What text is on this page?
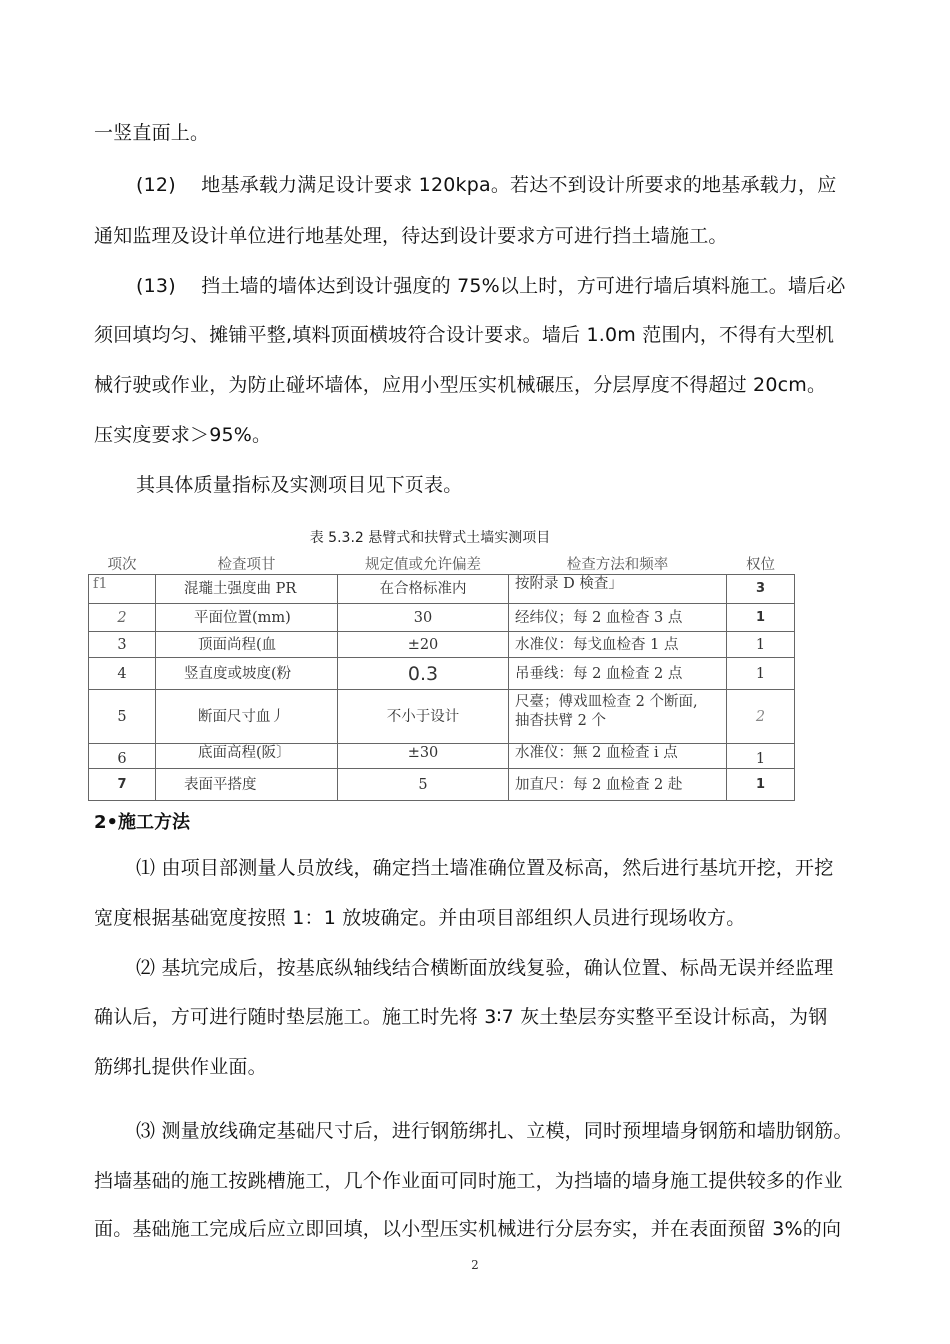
一竖直面上。
(12)　 地基承载力满足设计要求 120kpa。若达不到设计所要求的地基承载力，应
通知监理及设计单位进行地基处理，待达到设计要求方可进行挡土墙施工。
(13)　 挡土墙的墙体达到设计强度的 75%以上时，方可进行墙后填料施工。墙后必
须回填均匀、摊铺平整,填料顶面横坡符合设计要求。墙后 1.0m 范围内，不得有大型机
械行驶或作业，为防止碰坏墙体，应用小型压实机械碾压，分层厚度不得超过 20cm。
压实度要求＞95%。
其具体质量指标及实测项目见下页表。
表 5.3.2 悬臂式和扶臂式土墙实测项目
项次	检査项甘	规定值或允许偏差	检查方法和频率	权位
f1	混瓏土强度曲 PR	在合格标准内	按附录 D 検査」	3
2	平面位置(mm)	30	经纬仪；每 2 血检杳 3 点	1
3	顶面尚程(血	±20	水准仪：每戈血检杳 1 点	1
4	竖直度或坡度(粉	0.3	吊垂线：每 2 血检査 2 点	1
5	断面尺寸血丿	不小于设计	尺臺；傅戏皿检查 2 个断面,
抽杳扶臂 2 个	2
6	底面高程(阪〕	±30	水准仪：無 2 血检査 i 点	1
7	表面平搭度	5	加直尺：每 2 血检査 2 赴	1
2•施工方法
⑴ 由项目部测量人员放线，确定挡土墙准确位置及标高，然后进行基坑开挖，开挖
宽度根据基础宽度按照 1：1 放坡确定。并由项目部组织人员进行现场收方。
⑵ 基坑完成后，按基底纵轴线结合横断面放线复验，确认位置、标咼无误并经监理
确认后，方可进行随时垫层施工。施工时先将 3∶7 灰土垫层夯实整平至设计标高，为钢
筋绑扎提供作业面。
⑶ 测量放线确定基础尺寸后，进行钢筋绑扎、立模，同时预埋墙身钢筋和墙肋钢筋。
挡墙基础的施工按跳槽施工，几个作业面可同时施工，为挡墙的墙身施工提供较多的作业
面。基础施工完成后应立即回填，以小型压实机械进行分层夯实，并在表面预留 3%的向
2
